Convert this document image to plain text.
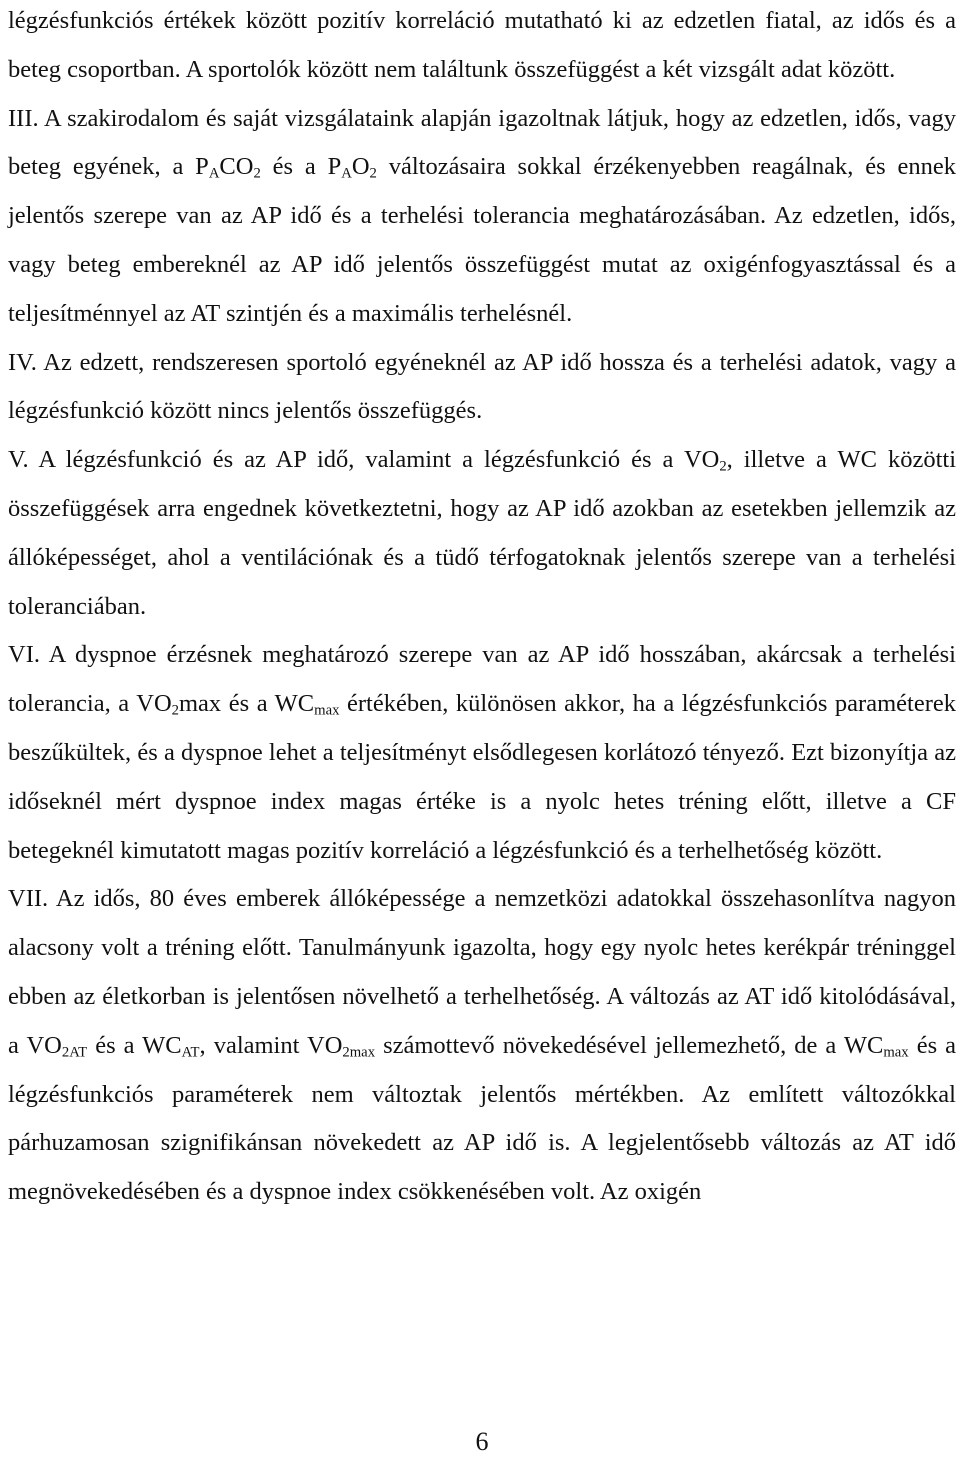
légzésfunkciós értékek között pozitív korreláció mutatható ki az edzetlen fiatal, az idős és a beteg csoportban. A sportolók között nem találtunk összefüggést a két vizsgált adat között.

III. A szakirodalom és saját vizsgálataink alapján igazoltnak látjuk, hogy az edzetlen, idős, vagy beteg egyének, a $P_ACO_2$ és a $P_AO_2$ változásaira sokkal érzékenyebben reagálnak, és ennek jelentős szerepe van az AP idő és a terhelési tolerancia meghatározásában. Az edzetlen, idős, vagy beteg embereknél az AP idő jelentős összefüggést mutat az oxigénfogyasztással és a teljesítménnyel az AT szintjén és a maximális terhelésnél.

IV. Az edzett, rendszeresen sportoló egyéneknél az AP idő hossza és a terhelési adatok, vagy a légzésfunkció között nincs jelentős összefüggés.

V. A légzésfunkció és az AP idő, valamint a légzésfunkció és a $VO_2$, illetve a WC közötti összefüggések arra engednek következtetni, hogy az AP idő azokban az esetekben jellemzik az állóképességet, ahol a ventilációnak és a tüdő térfogatoknak jelentős szerepe van a terhelési toleranciában.

VI. A dyspnoe érzésnek meghatározó szerepe van az AP idő hosszában, akárcsak a terhelési tolerancia, a $VO_2\max$ és a $WC_{max}$ értékében, különösen akkor, ha a légzésfunkciós paraméterek beszűkültek, és a dyspnoe lehet a teljesítményt elsődlegesen korlátozó tényező. Ezt bizonyítja az időseknél mért dyspnoe index magas értéke is a nyolc hetes tréning előtt, illetve a CF betegeknél kimutatott magas pozitív korreláció a légzésfunkció és a terhelhetőség között.

VII. Az idős, 80 éves emberek állóképessége a nemzetközi adatokkal összehasonlítva nagyon alacsony volt a tréning előtt. Tanulmányunk igazolta, hogy egy nyolc hetes kerékpár tréninggel ebben az életkorban is jelentősen növelhető a terhelhetőség. A változás az AT idő kitolódásával, a $VO_{2AT}$ és a $WC_{AT}$, valamint $VO_{2max}$ számottevő növekedésével jellemezhető, de a $WC_{max}$ és a légzésfunkciós paraméterek nem változtak jelentős mértékben. Az említett változókkal párhuzamosan szignifikánsan növekedett az AP idő is. A legjelentősebb változás az AT idő megnövekedésében és a dyspnoe index csökkenésében volt. Az oxigén

6
